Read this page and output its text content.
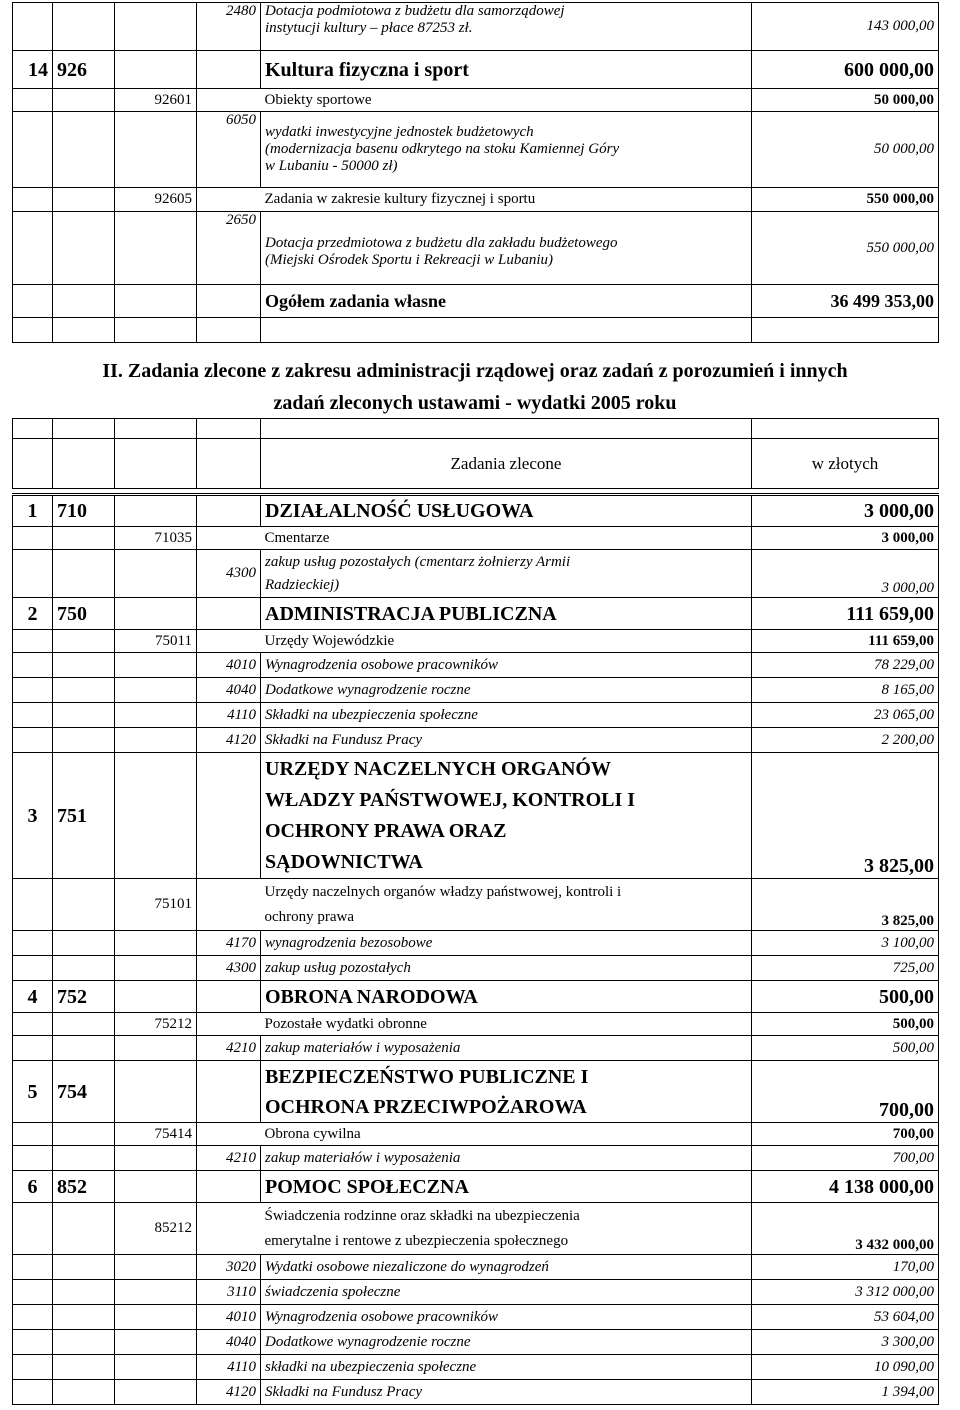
			2480	Dotacja podmiotowa z budżetu dla samorządowej
instytucji kultury – płace 87253 zł.	143 000,00
14	926			Kultura fizyczna i sport	600 000,00
		92601		Obiekty sportowe	50 000,00
			6050	wydatki inwestycyjne jednostek budżetowych
(modernizacja basenu odkrytego na stoku Kamiennej Góry
w Lubaniu - 50000 zł)	50 000,00
		92605		Zadania w zakresie kultury fizycznej i sportu	550 000,00
			2650	Dotacja przedmiotowa z budżetu dla zakładu budżetowego
(Miejski Ośrodek Sportu i Rekreacji w Lubaniu)	550 000,00
				Ogółem zadania własne	36 499 353,00

II. Zadania zlecone z zakresu administracji rządowej oraz zadań z porozumień i innych
zadań zleconych ustawami - wydatki 2005 roku

				Zadania zlecone	w złotych
1	710			DZIAŁALNOŚĆ USŁUGOWA	3 000,00
		71035		Cmentarze	3 000,00
			4300	zakup usług pozostałych (cmentarz żołnierzy Armii
Radzieckiej)	3 000,00
2	750			ADMINISTRACJA PUBLICZNA	111 659,00
		75011		Urzędy Wojewódzkie	111 659,00
			4010	Wynagrodzenia osobowe pracowników	78 229,00
			4040	Dodatkowe wynagrodzenie roczne	8 165,00
			4110	Składki na ubezpieczenia społeczne	23 065,00
			4120	Składki na Fundusz Pracy	2 200,00
3	751			URZĘDY NACZELNYCH ORGANÓW
WŁADZY PAŃSTWOWEJ, KONTROLI I
OCHRONY PRAWA ORAZ
SĄDOWNICTWA	3 825,00
		75101		Urzędy naczelnych organów władzy państwowej, kontroli i
ochrony prawa	3 825,00
			4170	wynagrodzenia bezosobowe	3 100,00
			4300	zakup usług pozostałych	725,00
4	752			OBRONA NARODOWA	500,00
		75212		Pozostałe wydatki obronne	500,00
			4210	zakup materiałów i wyposażenia	500,00
5	754			BEZPIECZEŃSTWO PUBLICZNE I
OCHRONA PRZECIWPOŻAROWA	700,00
		75414		Obrona cywilna	700,00
			4210	zakup materiałów i wyposażenia	700,00
6	852			POMOC SPOŁECZNA	4 138 000,00
		85212		Świadczenia rodzinne oraz składki na ubezpieczenia
emerytalne i rentowe z ubezpieczenia społecznego	3 432 000,00
			3020	Wydatki osobowe niezaliczone do wynagrodzeń	170,00
			3110	świadczenia społeczne	3 312 000,00
			4010	Wynagrodzenia osobowe pracowników	53 604,00
			4040	Dodatkowe wynagrodzenie roczne	3 300,00
			4110	składki na ubezpieczenia społeczne	10 090,00
			4120	Składki na Fundusz Pracy	1 394,00
